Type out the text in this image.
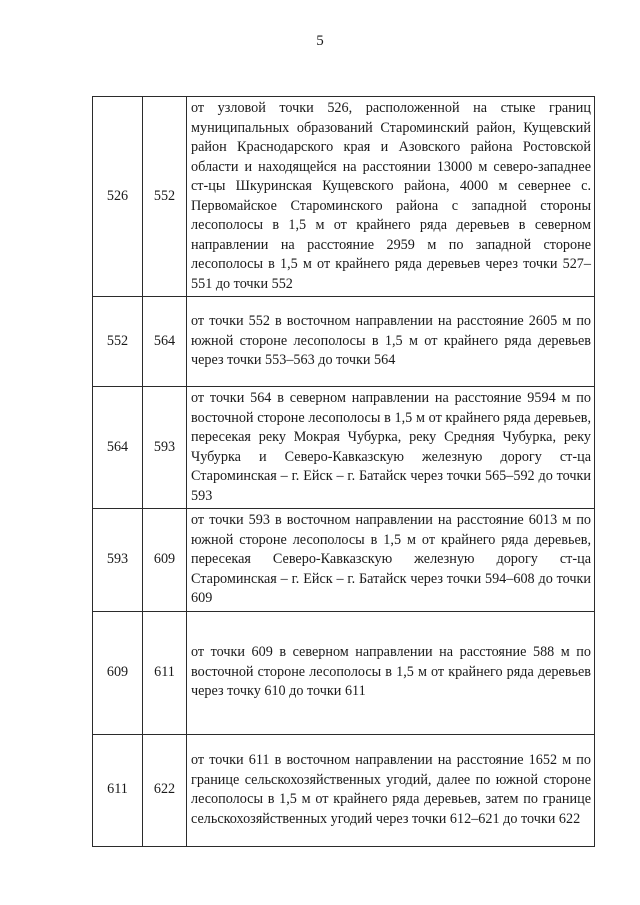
5
526	552	от узловой точки 526, расположенной на стыке границ муниципальных образований Староминский район, Кущевский район Краснодарского края и Азовского района Ростовской области и находящейся на расстоянии 13000 м северо-западнее ст-цы Шкуринская Кущевского района, 4000 м севернее с. Первомайское Староминского района с западной стороны лесополосы в 1,5 м от крайнего ряда деревьев в северном направлении на расстояние 2959 м по западной стороне лесополосы в 1,5 м от крайнего ряда деревьев через точки 527–551 до точки 552
552	564	от точки 552 в восточном направлении на расстояние 2605 м по южной стороне лесополосы в 1,5 м от крайнего ряда деревьев через точки 553–563 до точки 564
564	593	от точки 564 в северном направлении на расстояние 9594 м по восточной стороне лесополосы в 1,5 м от крайнего ряда деревьев, пересекая реку Мокрая Чубурка, реку Средняя Чубурка, реку Чубурка и Северо-Кавказскую железную дорогу ст-ца Староминская – г. Ейск – г. Батайск через точки 565–592 до точки 593
593	609	от точки 593 в восточном направлении на расстояние 6013 м по южной стороне лесополосы в 1,5 м от крайнего ряда деревьев, пересекая Северо-Кавказскую железную дорогу ст-ца Староминская – г. Ейск – г. Батайск через точки 594–608 до точки 609
609	611	от точки 609 в северном направлении на расстояние 588 м по восточной стороне лесополосы в 1,5 м от крайнего ряда деревьев через точку 610 до точки 611
611	622	от точки 611 в восточном направлении на расстояние 1652 м по границе сельскохозяйственных угодий, далее по южной стороне лесополосы в 1,5 м от крайнего ряда деревьев, затем по границе сельскохозяйственных угодий через точки 612–621 до точки 622
